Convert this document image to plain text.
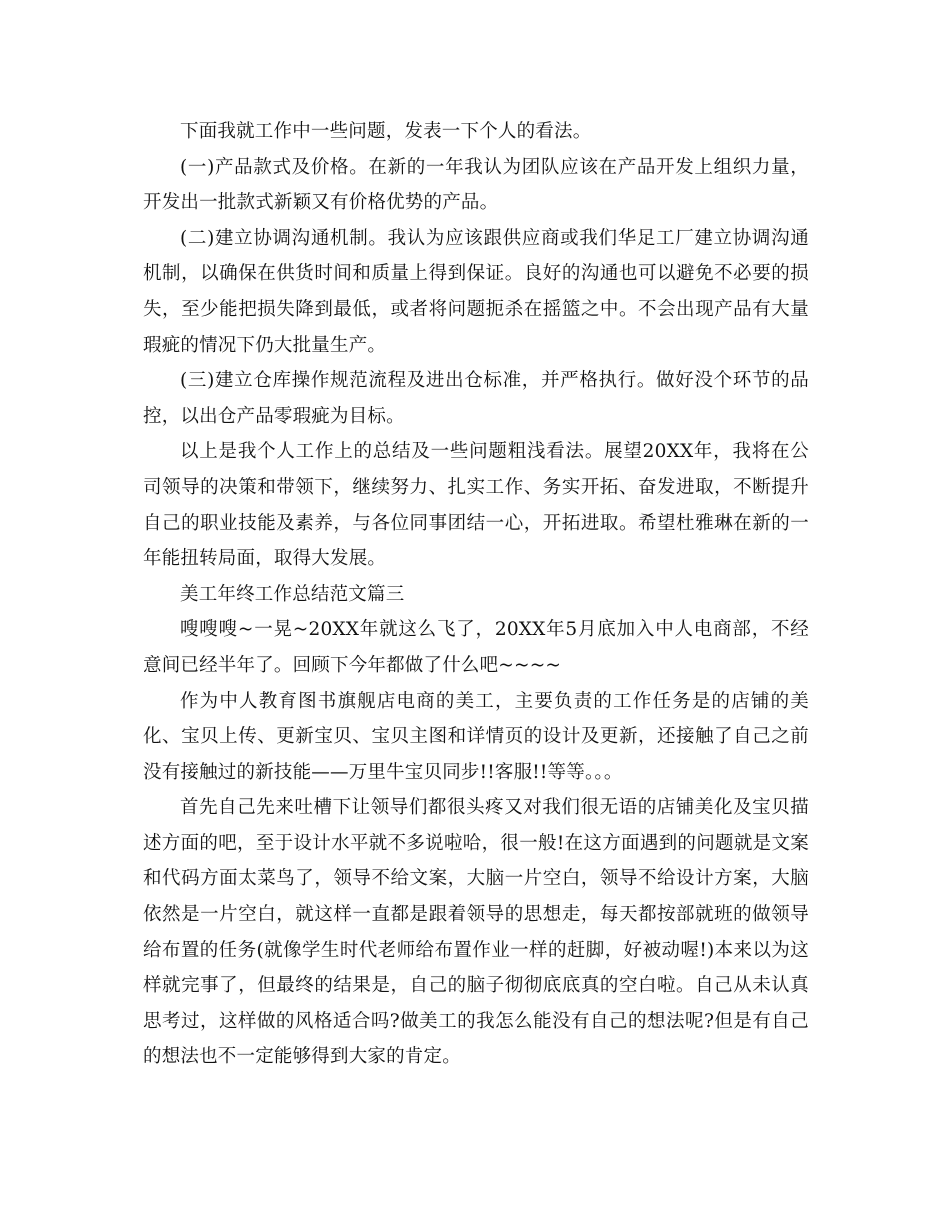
下面我就工作中一些问题，发表一下个人的看法。

(一)产品款式及价格。在新的一年我认为团队应该在产品开发上组织力量，开发出一批款式新颖又有价格优势的产品。

(二)建立协调沟通机制。我认为应该跟供应商或我们华足工厂建立协调沟通机制，以确保在供货时间和质量上得到保证。良好的沟通也可以避免不必要的损失，至少能把损失降到最低，或者将问题扼杀在摇篮之中。不会出现产品有大量瑕疵的情况下仍大批量生产。

(三)建立仓库操作规范流程及进出仓标准，并严格执行。做好没个环节的品控，以出仓产品零瑕疵为目标。

以上是我个人工作上的总结及一些问题粗浅看法。展望20XX年，我将在公司领导的决策和带领下，继续努力、扎实工作、务实开拓、奋发进取，不断提升自己的职业技能及素养，与各位同事团结一心，开拓进取。希望杜雅琳在新的一年能扭转局面，取得大发展。

美工年终工作总结范文篇三

嗖嗖嗖~一晃~20XX年就这么飞了，20XX年5月底加入中人电商部，不经意间已经半年了。回顾下今年都做了什么吧~~~~

作为中人教育图书旗舰店电商的美工，主要负责的工作任务是的店铺的美化、宝贝上传、更新宝贝、宝贝主图和详情页的设计及更新，还接触了自己之前没有接触过的新技能——万里牛宝贝同步!!客服!!等等。。。

首先自己先来吐槽下让领导们都很头疼又对我们很无语的店铺美化及宝贝描述方面的吧，至于设计水平就不多说啦哈，很一般!在这方面遇到的问题就是文案和代码方面太菜鸟了，领导不给文案，大脑一片空白，领导不给设计方案，大脑依然是一片空白，就这样一直都是跟着领导的思想走，每天都按部就班的做领导给布置的任务(就像学生时代老师给布置作业一样的赶脚，好被动喔!)本来以为这样就完事了，但最终的结果是，自己的脑子彻彻底底真的空白啦。自己从未认真思考过，这样做的风格适合吗?做美工的我怎么能没有自己的想法呢?但是有自己的想法也不一定能够得到大家的肯定。
